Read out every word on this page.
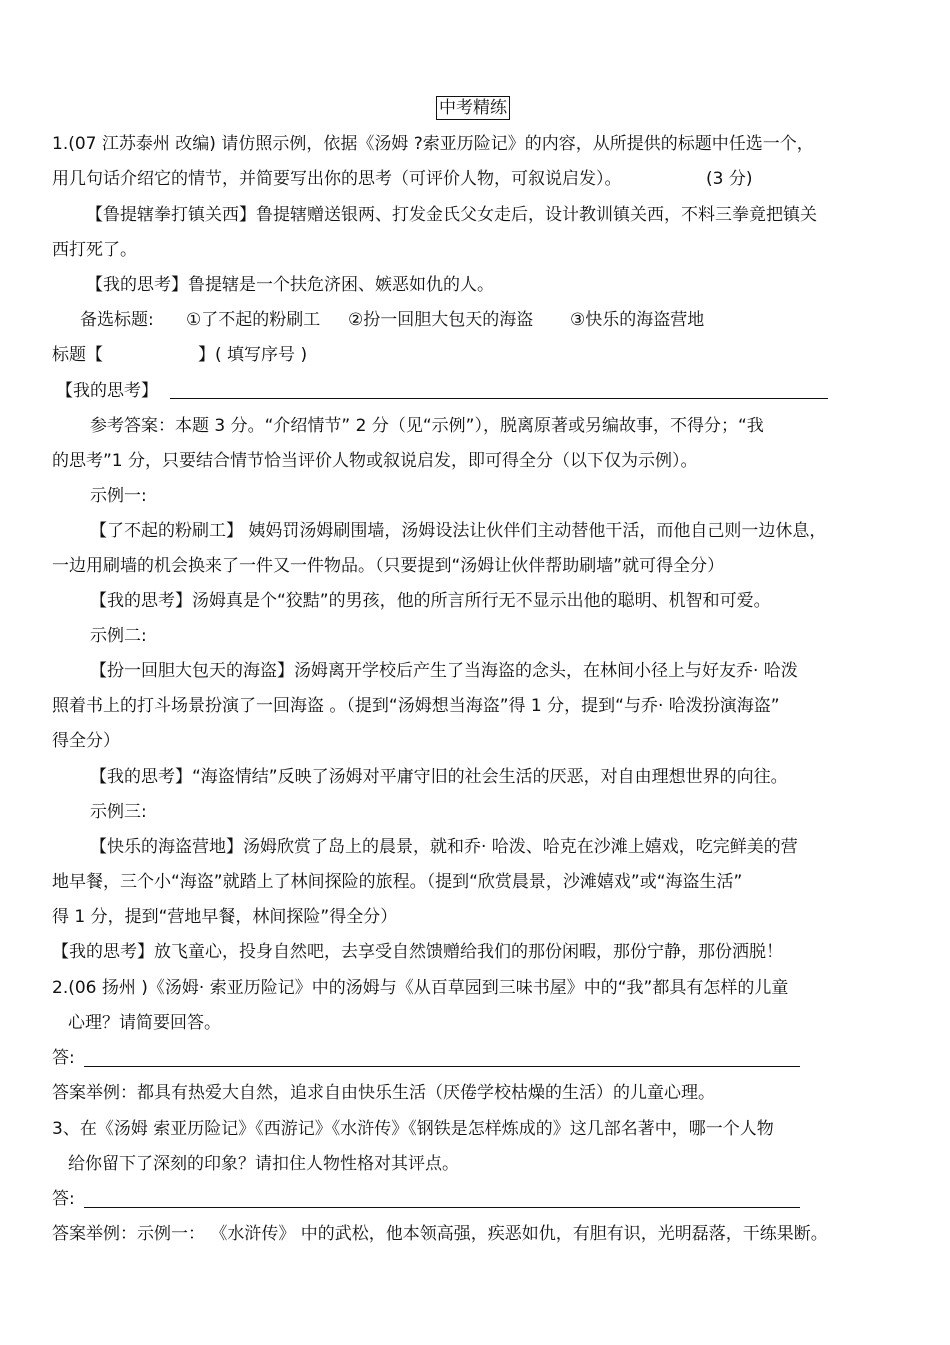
中考精练
1.(07 江苏泰州 改编) 请仿照示例，依据《汤姆 ?索亚历险记》的内容，从所提供的标题中任选一个，
用几句话介绍它的情节，并简要写出你的思考（可评价人物，可叙说启发）。	(3 分)
【鲁提辖拳打镇关西】鲁提辖赠送银两、打发金氏父女走后，设计教训镇关西，不料三拳竟把镇关
西打死了。
【我的思考】鲁提辖是一个扶危济困、嫉恶如仇的人。
备选标题: ①了不起的粉刷工 ②扮一回胆大包天的海盗 ③快乐的海盗营地
标题【	】( 填写序号 )
【我的思考】
参考答案：本题 3 分。“介绍情节” 2 分（见“示例”），脱离原著或另编故事，不得分；“我
的思考”1 分，只要结合情节恰当评价人物或叙说启发，即可得全分（以下仅为示例）。
示例一:
【了不起的粉刷工】 姨妈罚汤姆刷围墙，汤姆设法让伙伴们主动替他干活，而他自己则一边休息，
一边用刷墙的机会换来了一件又一件物品。（只要提到“汤姆让伙伴帮助刷墙”就可得全分）
【我的思考】汤姆真是个“狡黠”的男孩，他的所言所行无不显示出他的聪明、机智和可爱。
示例二:
【扮一回胆大包天的海盗】汤姆离开学校后产生了当海盗的念头，在林间小径上与好友乔· 哈泼
照着书上的打斗场景扮演了一回海盗 。（提到“汤姆想当海盗”得 1 分，提到“与乔· 哈泼扮演海盗”
得全分）
【我的思考】“海盗情结”反映了汤姆对平庸守旧的社会生活的厌恶，对自由理想世界的向往。
示例三:
【快乐的海盗营地】汤姆欣赏了岛上的晨景，就和乔· 哈泼、哈克在沙滩上嬉戏，吃完鲜美的营
地早餐，三个小“海盗”就踏上了林间探险的旅程。（提到“欣赏晨景，沙滩嬉戏”或“海盗生活”
得 1 分，提到“营地早餐，林间探险”得全分）
【我的思考】放飞童心，投身自然吧，去享受自然馈赠给我们的那份闲暇，那份宁静，那份洒脱！
2.(06 扬州 )《汤姆· 索亚历险记》中的汤姆与《从百草园到三味书屋》中的“我”都具有怎样的儿童
心理？请简要回答。
答:
答案举例：都具有热爱大自然，追求自由快乐生活（厌倦学校枯燥的生活）的儿童心理。
3、在《汤姆 索亚历险记》《西游记》《水浒传》《钢铁是怎样炼成的》这几部名著中，哪一个人物
给你留下了深刻的印象？请扣住人物性格对其评点。
答:
答案举例：示例一： 《水浒传》 中的武松，他本领高强，疾恶如仇，有胆有识，光明磊落，干练果断。
